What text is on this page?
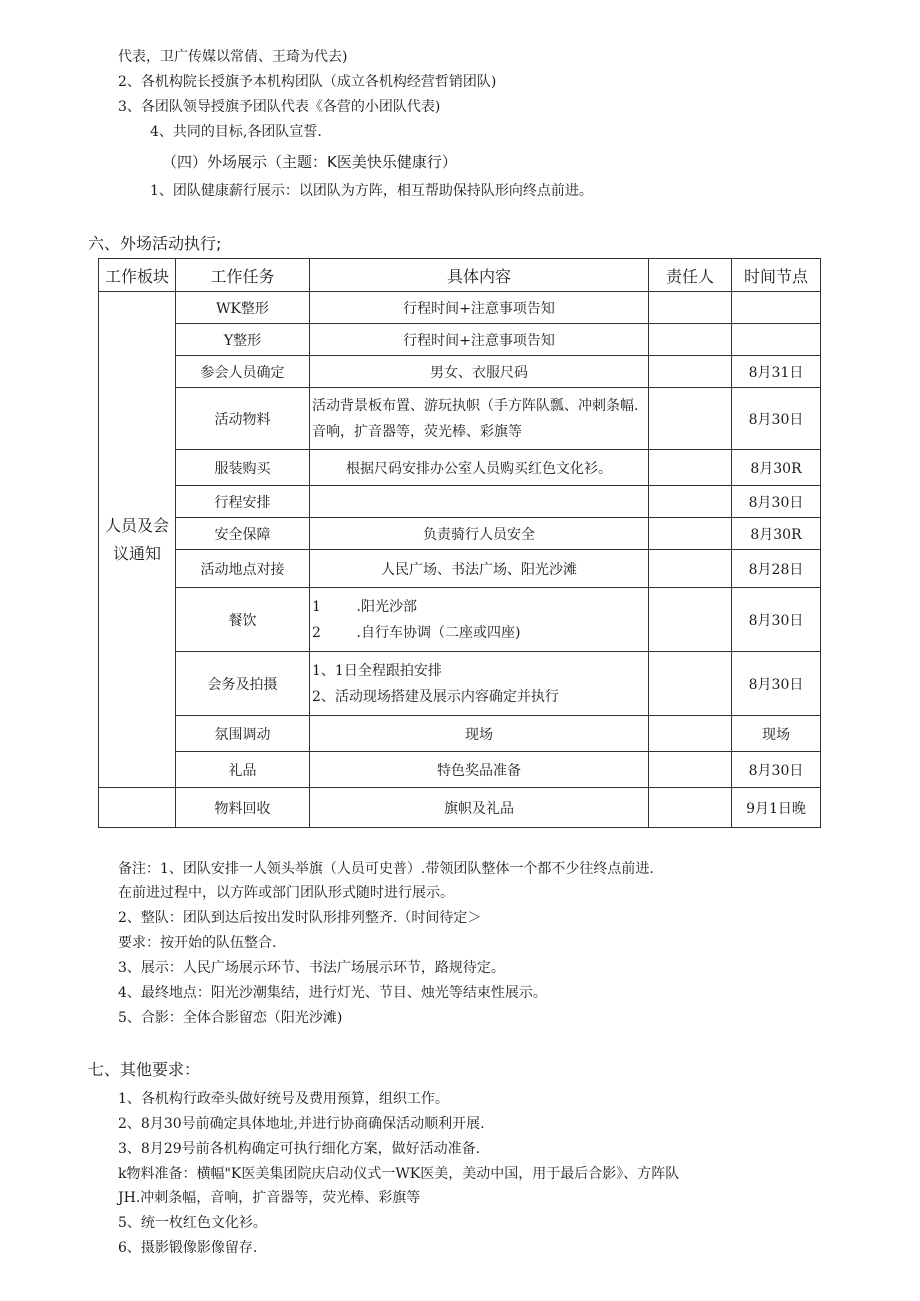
代表，卫广传媒以常倩、王琦为代去)
2、各机构院长授旗予本机构团队（成立各机构经营哲销团队)
3、各团队领导授旗予团队代表《各营的小团队代表)
4、共同的目标,各团队宣誓.
（四）外场展示（主题：K医美快乐健康行）
1、团队健康薪行展示：以团队为方阵，相互帮助保持队形向终点前进。
六、外场活动执行;
工作板块	工作任务	具体内容	责任人	时间节点
人员及会议通知	WK整形	行程时间+注意事项告知		
	Y整形	行程时间+注意事项告知		
	参会人员确定	男女、衣服尺码		8月31日
	活动物料	活动背景板布置、游玩执帜（手方阵队瓢、冲刺条幅.音响，扩音器等，荧光棒、彩旗等		8月30日
	服装购买	根据尺码安排办公室人员购买红色文化衫。		8月30R
	行程安排			8月30日
	安全保障	负责骑行人员安全		8月30R
	活动地点对接	人民广场、书法广场、阳光沙滩		8月28日
	餐饮	1        .阳光沙部
2        .自行车协调（二座或四座)		8月30日
	会务及拍摄	1、1日全程跟拍安排
2、活动现场搭建及展示内容确定并执行		8月30日
	氛围调动	现场		现场
	礼品	特色奖品准备		8月30日
	物料回收	旗帜及礼品		9月1日晚
备注：1、团队安排一人领头举旗（人员可史普）.带领团队整体一个都不少往终点前进.
在前进过程中，以方阵或部门团队形式随时进行展示。
2、整队：团队到达后按出发时队形排列整齐.（时间待定＞
要求：按开始的队伍整合.
3、展示：人民广场展示环节、书法广场展示环节，路规待定。
4、最终地点：阳光沙潮集结，进行灯光、节目、烛光等结束性展示。
5、合影：全体合影留恋（阳光沙滩)
七、其他要求：
1、各机构行政牵头做好统号及费用预算，组织工作。
2、8月30号前确定具体地址,并进行协商确保活动顺利开展.
3、8月29号前各机构确定可执行细化方案，做好活动准备.
k物料准备：横幅"K医美集团院庆启动仪式一WK医美，美动中国，用于最后合影》、方阵队
JH.冲刺条幅，音响，扩音器等，荧光棒、彩旗等
5、统一枚红色文化衫。
6、摄影锻像影像留存.
